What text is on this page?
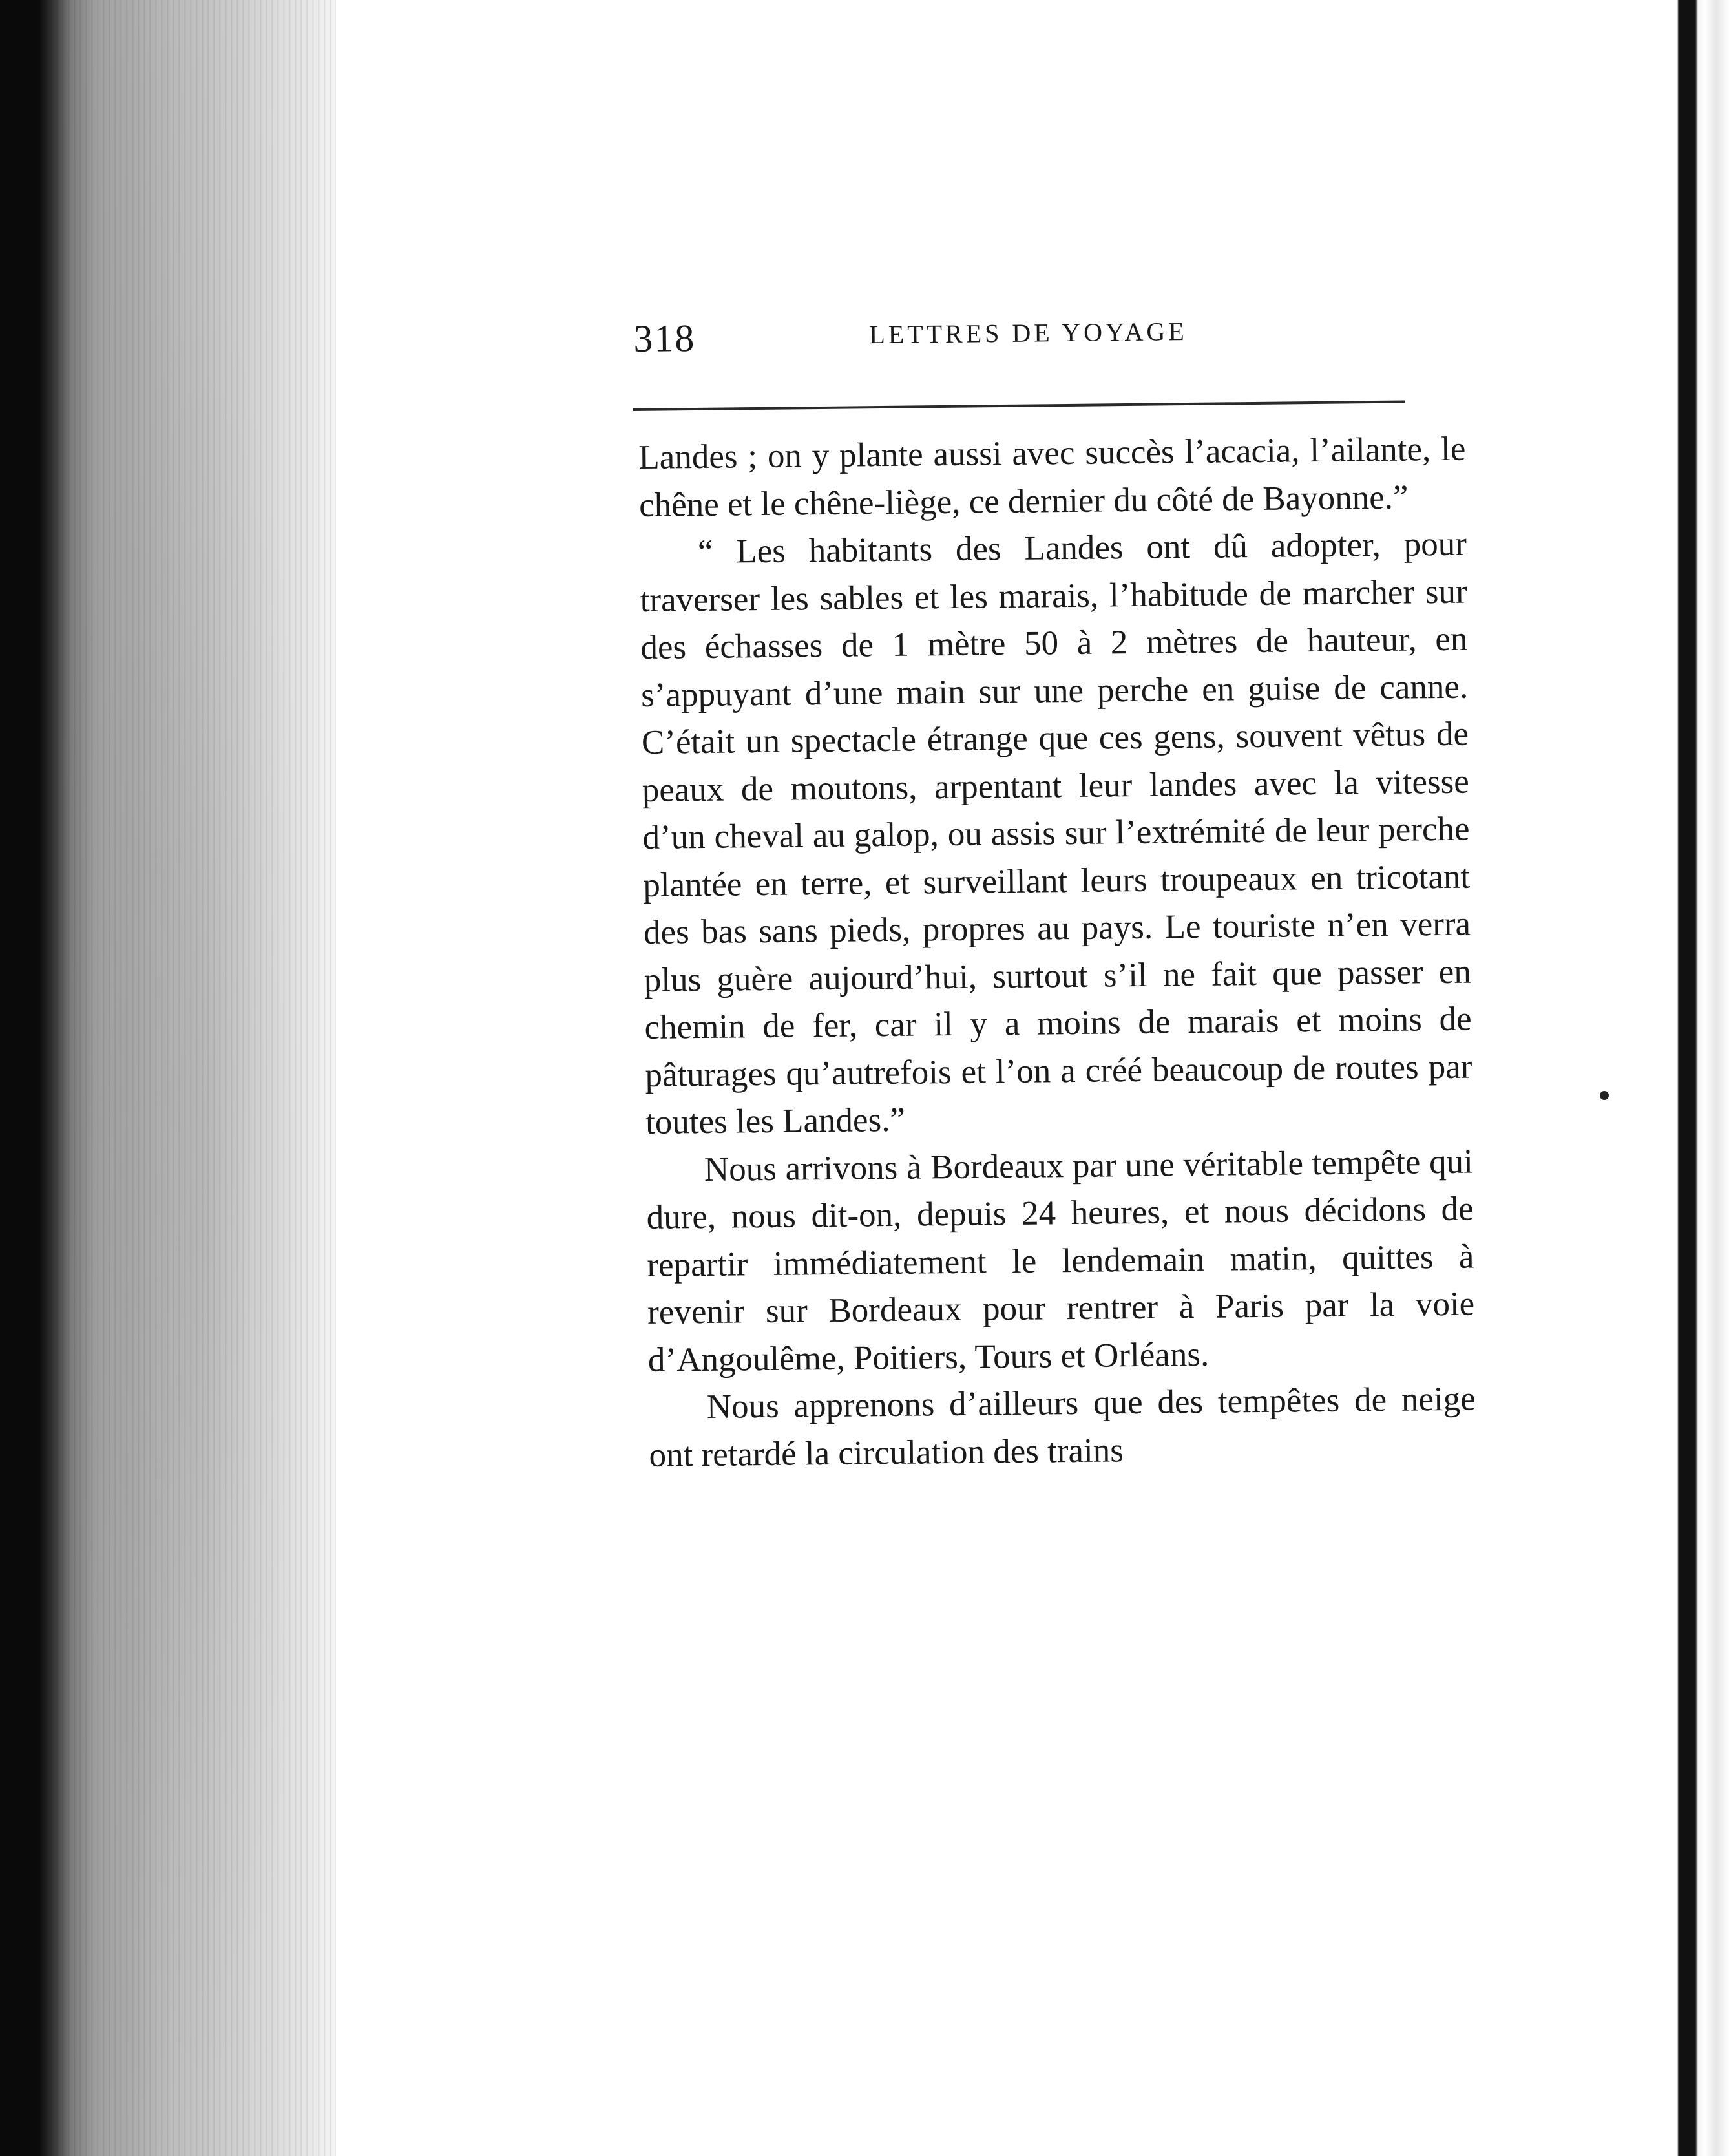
318	LETTRES DE YOYAGE

Landes ; on y plante aussi avec succès l’acacia, l’ailante, le chêne et le chêne-liège, ce dernier du côté de Bayonne.”

“ Les habitants des Landes ont dû adopter, pour traverser les sables et les marais, l’habitude de marcher sur des échasses de 1 mètre 50 à 2 mètres de hauteur, en s’appuyant d’une main sur une perche en guise de canne. C’était un spectacle étrange que ces gens, souvent vêtus de peaux de moutons, arpentant leur landes avec la vitesse d’un cheval au galop, ou assis sur l’extrémité de leur perche plantée en terre, et surveillant leurs troupeaux en tricotant des bas sans pieds, propres au pays. Le touriste n’en verra plus guère aujourd’hui, surtout s’il ne fait que passer en chemin de fer, car il y a moins de marais et moins de pâturages qu’autrefois et l’on a créé beaucoup de routes par toutes les Landes.”

Nous arrivons à Bordeaux par une véritable tempête qui dure, nous dit-on, depuis 24 heures, et nous décidons de repartir immédiatement le lendemain matin, quittes à revenir sur Bordeaux pour rentrer à Paris par la voie d’Angoulême, Poitiers, Tours et Orléans.

Nous apprenons d’ailleurs que des tempêtes de neige ont retardé la circulation des trains
